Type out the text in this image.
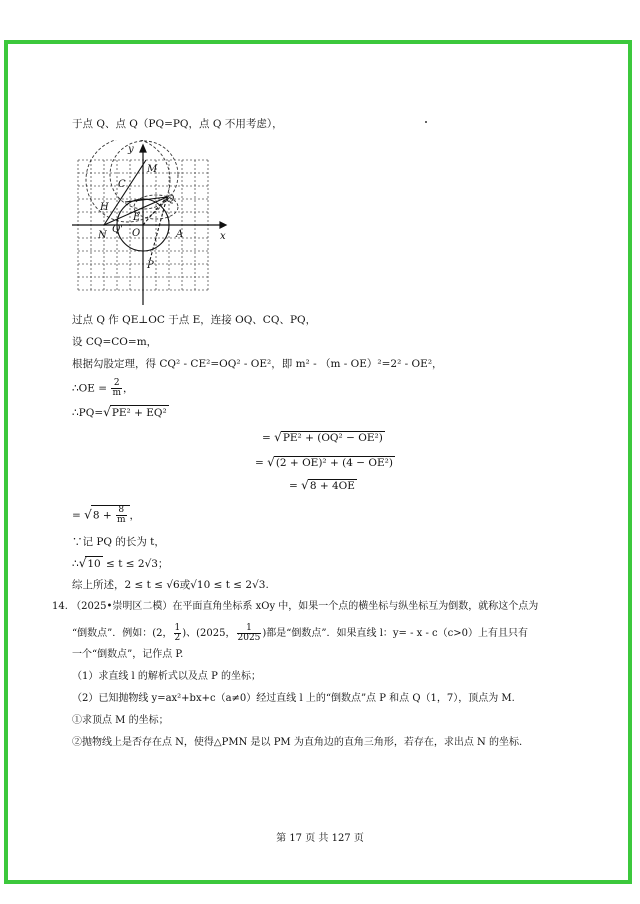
于点 Q、点 Q（PQ=PQ，点 Q 不用考虑），
y
x
M
C
H
Q
E
N
Q' O	A
P
过点 Q 作 QE⊥OC 于点 E，连接 OQ、CQ、PQ，
设 CQ=CO=m，
根据勾股定理，得 CQ² - CE²=OQ² - OE²，即 m² - （m - OE）²=2² - OE²，
∴OE = $\frac{2}{m}$ ，
∴PQ=√PE² + EQ²
= √PE² + (OQ² − OE²)
= √(2 + OE)² + (4 − OE²)
= √8 + 4OE
= $√8 + \frac{8}{m}$ ，
∵记 PQ 的长为 t，
∴√10 ≤ t ≤ 2√3；
综上所述，2 ≤ t ≤ √6或√10 ≤ t ≤ 2√3.
14. （2025•崇明区二模）在平面直角坐标系 xOy 中，如果一个点的横坐标与纵坐标互为倒数，就称这个点为
“倒数点”．例如：(2， $\frac{1}{2}$ )、(2025， $\frac{1}{2025}$ )都是“倒数点”．如果直线 l：y= - x - c（c>0）上有且只有
一个“倒数点”，记作点 P.
（1）求直线 l 的解析式以及点 P 的坐标；
（2）已知抛物线 y=ax²+bx+c（a≠0）经过直线 l 上的“倒数点”点 P 和点 Q（1，7），顶点为 M.
①求顶点 M 的坐标；
②抛物线上是否存在点 N，使得△PMN 是以 PM 为直角边的直角三角形，若存在，求出点 N 的坐标.
第 17 页 共 127 页
